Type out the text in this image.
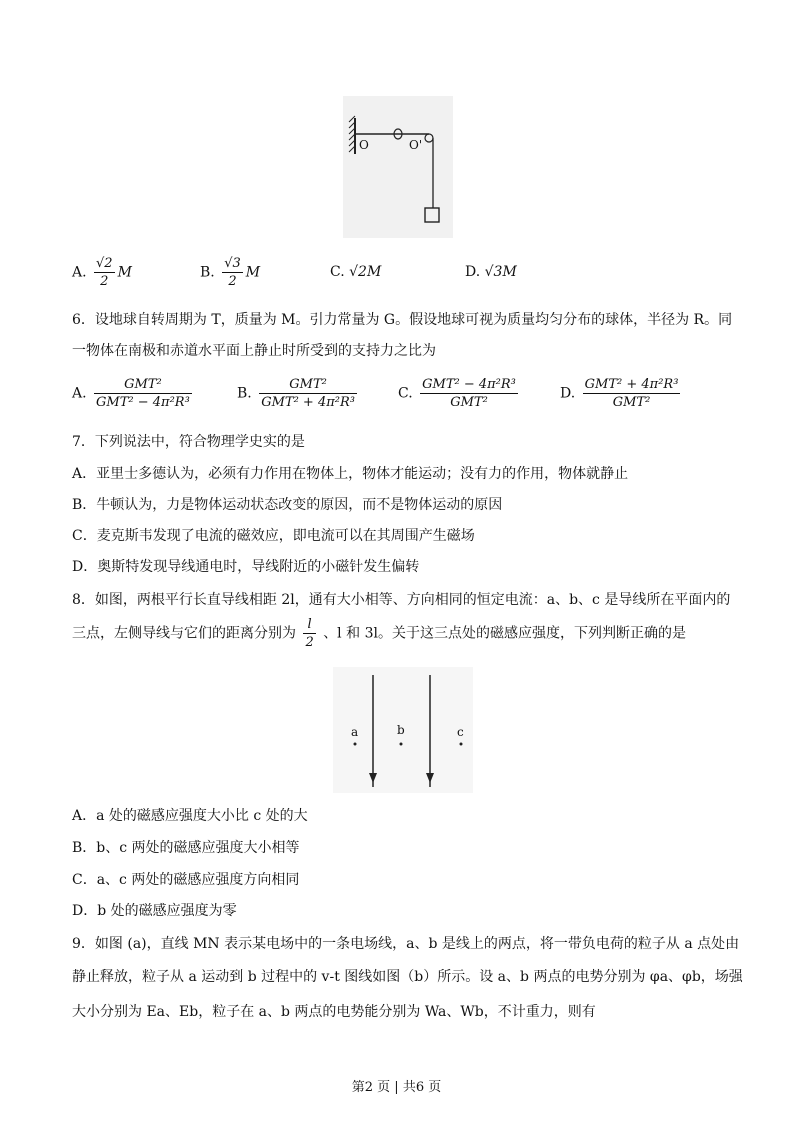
O	O'
A. $\frac{√2}{2}$ M	B. $\frac{√3}{2}$ M	C. √2M	D. √3M
6．设地球自转周期为 T，质量为 M。引力常量为 G。假设地球可视为质量均匀分布的球体，半径为 R。同
一物体在南极和赤道水平面上静止时所受到的支持力之比为
A. $\frac{\text{GMT²}}{\text{GMT² − 4π²R³}}$	B. $\frac{\text{GMT²}}{\text{GMT² + 4π²R³}}$	C. $\frac{\text{GMT² − 4π²R³}}{\text{GMT²}}$	D. $\frac{\text{GMT² + 4π²R³}}{\text{GMT²}}$
7．下列说法中，符合物理学史实的是
A．亚里士多德认为，必须有力作用在物体上，物体才能运动；没有力的作用，物体就静止
B．牛顿认为，力是物体运动状态改变的原因，而不是物体运动的原因
C．麦克斯韦发现了电流的磁效应，即电流可以在其周围产生磁场
D．奥斯特发现导线通电时，导线附近的小磁针发生偏转
8．如图，两根平行长直导线相距 2l，通有大小相等、方向相同的恒定电流：a、b、c 是导线所在平面内的
三点，左侧导线与它们的距离分别为 $\frac{l}{2}$ 、l 和 3l。关于这三点处的磁感应强度，下列判断正确的是
a	b	c
A．a 处的磁感应强度大小比 c 处的大
B．b、c 两处的磁感应强度大小相等
C．a、c 两处的磁感应强度方向相同
D．b 处的磁感应强度为零
9．如图 (a)，直线 MN 表示某电场中的一条电场线，a、b 是线上的两点，将一带负电荷的粒子从 a 点处由
静止释放，粒子从 a 运动到 b 过程中的 v-t 图线如图（b）所示。设 a、b 两点的电势分别为 φa、φb，场强
大小分别为 Ea、Eb，粒子在 a、b 两点的电势能分别为 Wa、Wb，不计重力，则有
第2 页 | 共6 页
